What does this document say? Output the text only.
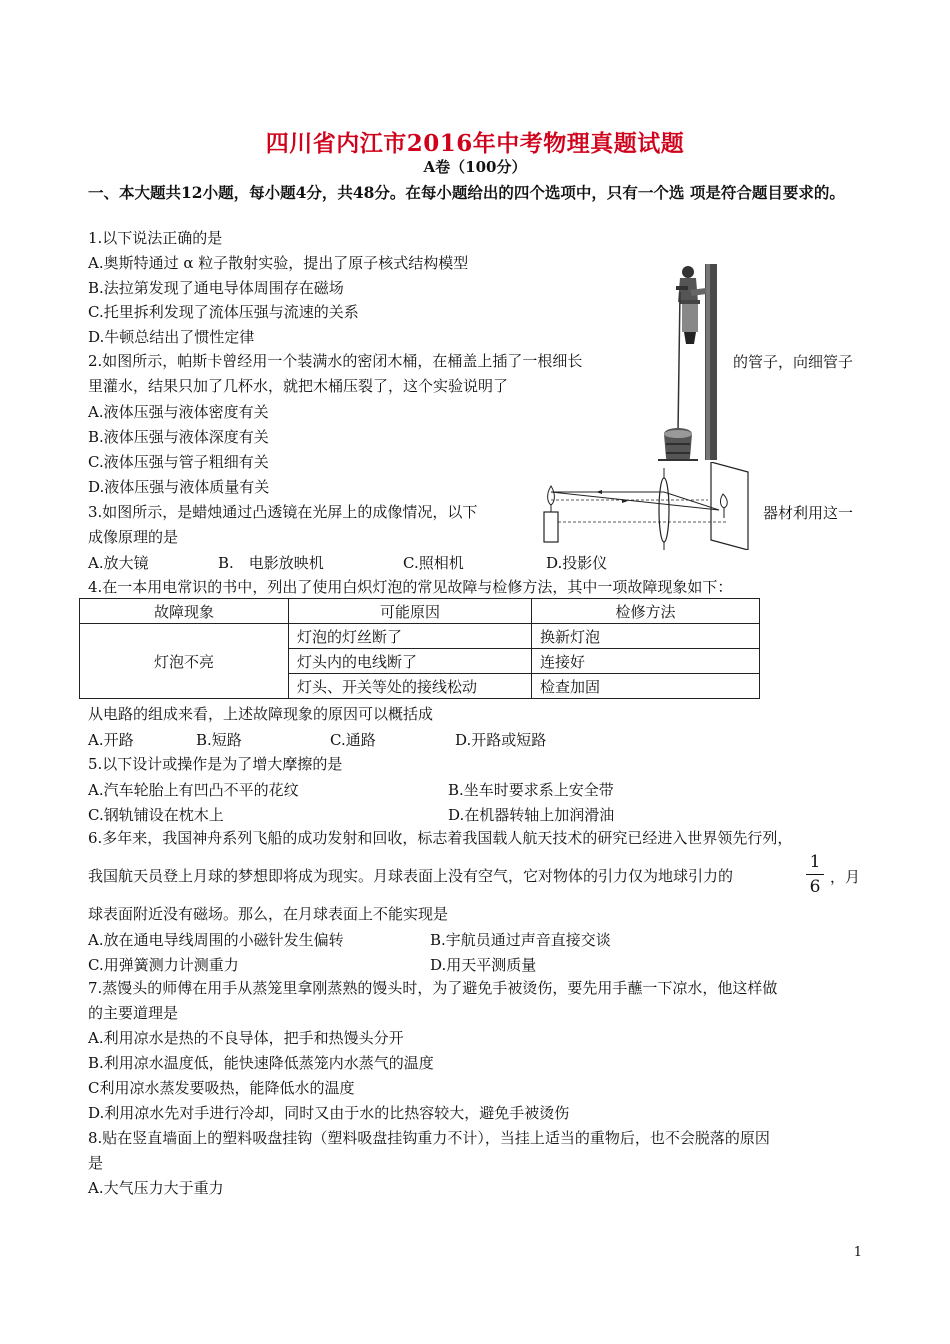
四川省内江市2016年中考物理真题试题
A卷（100分）
一、本大题共12小题，每小题4分，共48分。在每小题给出的四个选项中，只有一个选 项是符合题目要求的。
1.以下说法正确的是
A.奥斯特通过 α 粒子散射实验，提出了原子核式结构模型
B.法拉第发现了通电导体周围存在磁场
C.托里拆利发现了流体压强与流速的关系
D.牛顿总结出了惯性定律
2.如图所示，帕斯卡曾经用一个装满水的密闭木桶，在桶盖上插了一根细长	的管子，向细管子
里灌水，结果只加了几杯水，就把木桶压裂了，这个实验说明了
A.液体压强与液体密度有关
B.液体压强与液体深度有关
C.液体压强与管子粗细有关
D.液体压强与液体质量有关
3.如图所示，是蜡烛通过凸透镜在光屏上的成像情况，以下	器材利用这一
成像原理的是
A.放大镜	B.　电影放映机	C.照相机	D.投影仪
4.在一本用电常识的书中，列出了使用白炽灯泡的常见故障与检修方法，其中一项故障现象如下：
故障现象	可能原因	检修方法
灯泡不亮	灯泡的灯丝断了	换新灯泡
	灯头内的电线断了	连接好
	灯头、开关等处的接线松动	检查加固
从电路的组成来看，上述故障现象的原因可以概括成
A.开路	B.短路	C.通路	D.开路或短路
5.以下设计或操作是为了增大摩擦的是
A.汽车轮胎上有凹凸不平的花纹	B.坐车时要求系上安全带
C.钢轨铺设在枕木上	D.在机器转轴上加润滑油
6.多年来，我国神舟系列飞船的成功发射和回收，标志着我国载人航天技术的研究已经进入世界领先行列，
我国航天员登上月球的梦想即将成为现实。月球表面上没有空气，它对物体的引力仅为地球引力的
1
6 ，月
球表面附近没有磁场。那么，在月球表面上不能实现是
A.放在通电导线周围的小磁针发生偏转	B.宇航员通过声音直接交谈
C.用弹簧测力计测重力	D.用天平测质量
7.蒸馒头的师傅在用手从蒸笼里拿刚蒸熟的馒头时，为了避免手被烫伤，要先用手蘸一下凉水，他这样做
的主要道理是
A.利用凉水是热的不良导体，把手和热馒头分开
B.利用凉水温度低，能快速降低蒸笼内水蒸气的温度
C利用凉水蒸发要吸热，能降低水的温度
D.利用凉水先对手进行冷却，同时又由于水的比热容较大，避免手被烫伤
8.贴在竖直墙面上的塑料吸盘挂钩（塑料吸盘挂钩重力不计），当挂上适当的重物后，也不会脱落的原因
是
A.大气压力大于重力
1
